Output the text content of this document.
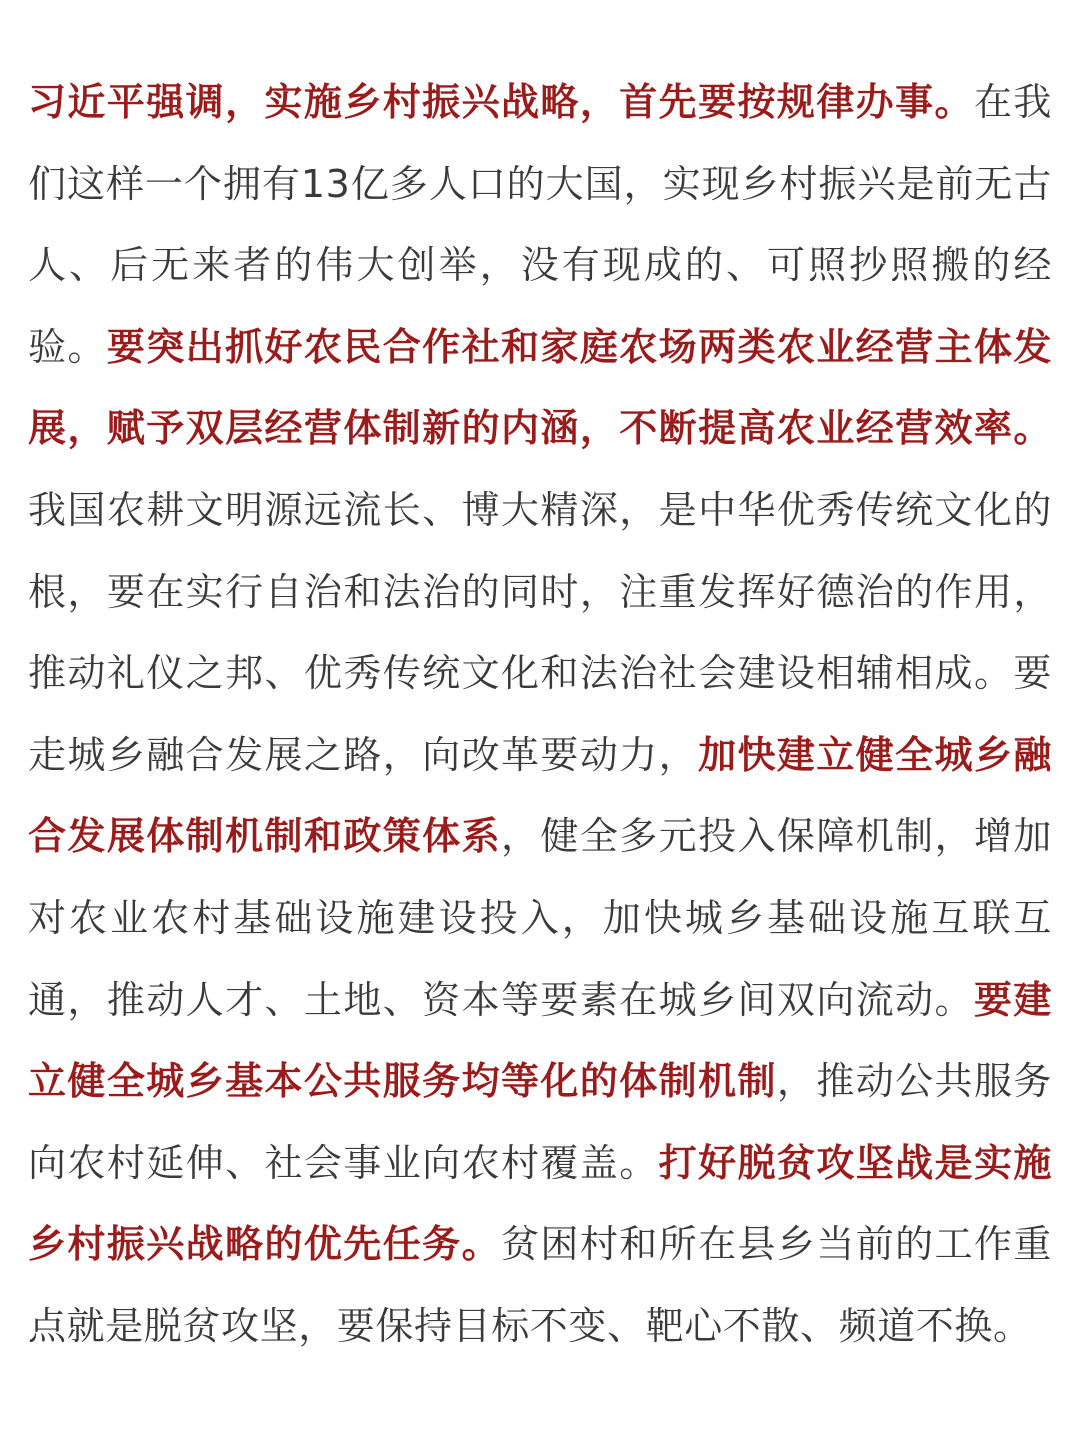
习近平强调，实施乡村振兴战略，首先要按规律办事。在我们这样一个拥有13亿多人口的大国，实现乡村振兴是前无古人、后无来者的伟大创举，没有现成的、可照抄照搬的经验。要突出抓好农民合作社和家庭农场两类农业经营主体发展，赋予双层经营体制新的内涵，不断提高农业经营效率。我国农耕文明源远流长、博大精深，是中华优秀传统文化的根，要在实行自治和法治的同时，注重发挥好德治的作用，推动礼仪之邦、优秀传统文化和法治社会建设相辅相成。要走城乡融合发展之路，向改革要动力，加快建立健全城乡融合发展体制机制和政策体系，健全多元投入保障机制，增加对农业农村基础设施建设投入，加快城乡基础设施互联互通，推动人才、土地、资本等要素在城乡间双向流动。要建立健全城乡基本公共服务均等化的体制机制，推动公共服务向农村延伸、社会事业向农村覆盖。打好脱贫攻坚战是实施乡村振兴战略的优先任务。贫困村和所在县乡当前的工作重点就是脱贫攻坚，要保持目标不变、靶心不散、频道不换。
